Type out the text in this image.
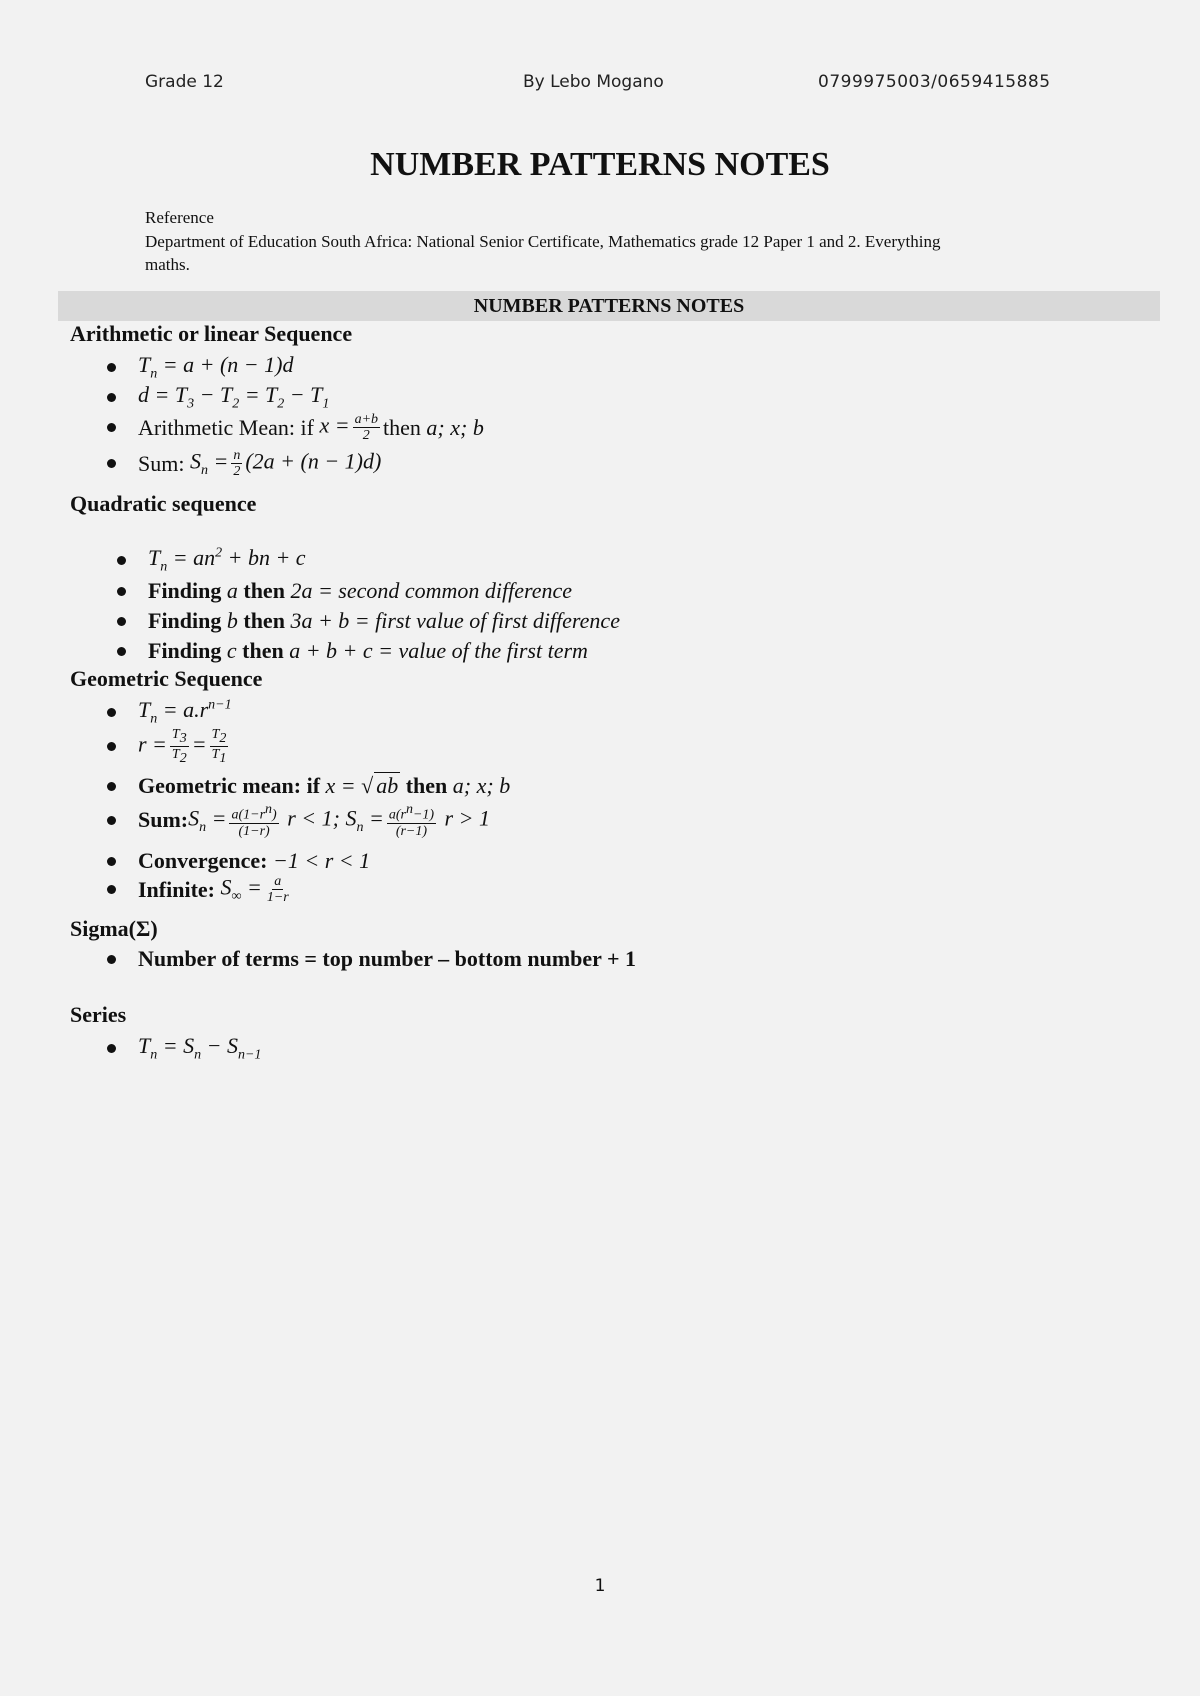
Grade 12	By Lebo Mogano	0799975003/0659415885
NUMBER PATTERNS NOTES
Reference
Department of Education South Africa: National Senior Certificate, Mathematics grade 12 Paper 1 and 2. Everything
maths.
NUMBER PATTERNS NOTES
Arithmetic or linear Sequence
$T_n = a + (n - 1)d$
$d = T_3 - T_2 = T_2 - T_1$
Arithmetic Mean: if
$x = \frac{a+b}{2}$ then
a; x; b
Sum:
$S_n = \frac{n}{2} (2a + (n - 1)d)$
Quadratic sequence
$T_n = an^2$ + bn + c
Finding
a
then
2a = second common difference
Finding
b
then
3a + b = first value of first difference
Finding
c
then
a + b + c = value of the first term
Geometric Sequence
$T_n = a.r^{n-1}$
$r = \frac{T_3}{T_2} = \frac{T_2}{T_1}$
Geometric mean: if
x = √ ab
then
a; x; b
Sum: $S_n = \frac{a(1-r^n)}{(1-r)}$ r < 1; $S_n = \frac{a(r^n-1)}{(r-1)}$ r > 1
Convergence:
−1 < r < 1
Infinite:
$S_\infty = \frac{a}{1-r}$
Sigma(Σ)
Number of terms = top number – bottom number + 1
Series
$T_n = S_n - S_{n-1}$
1
